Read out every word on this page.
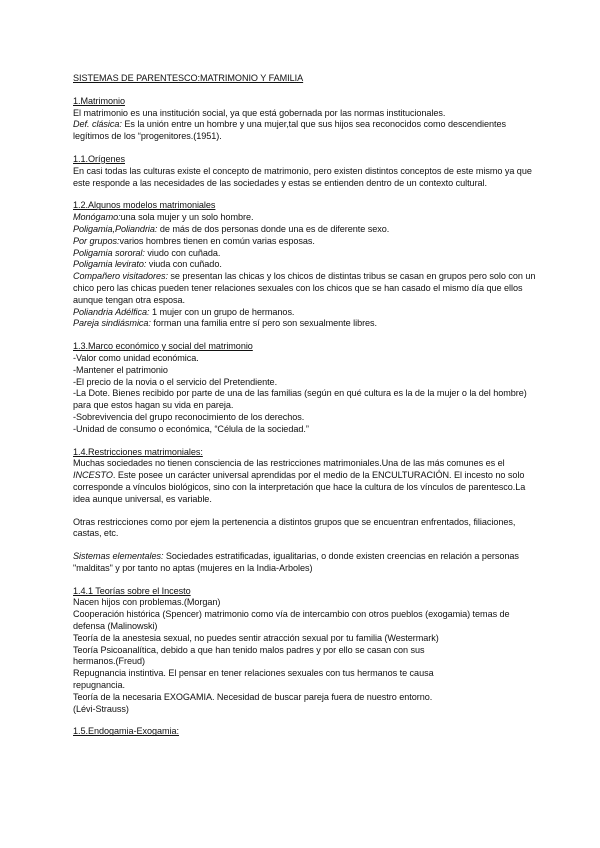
SISTEMAS DE PARENTESCO:MATRIMONIO Y FAMILIA
1.Matrimonio

El matrimonio es una institución social, ya que está gobernada por las normas institucionales.

Def. clásica: Es la unión entre un hombre y una mujer,tal que sus hijos sea reconocidos como descendientes legítimos de los “progenitores.(1951).

1.1.Orígenes

En casi todas las culturas existe el concepto de matrimonio, pero existen distintos conceptos de este mismo ya que este responde a las necesidades de las sociedades y estas se entienden dentro de un contexto cultural.

1.2.Algunos modelos matrimoniales

Monógamo:una sola mujer y un solo hombre.

Poligamia,Poliandria: de más de dos personas donde una es de diferente sexo.

Por grupos:varios hombres tienen en común varias esposas.

Poligamia sororal: viudo con cuñada.

Poligamia levirato: viuda con cuñado.

Compañero visitadores: se presentan las chicas y los chicos de distintas tribus se casan en grupos pero solo con un chico pero las chicas pueden tener relaciones sexuales con los chicos que se han casado el mismo día que ellos aunque tengan otra esposa.

Poliandria Adélfica: 1 mujer con un grupo de hermanos.

Pareja sindiásmica: forman una familia entre sí pero son sexualmente libres.

1.3.Marco económico y social del matrimonio

-Valor como unidad económica.

-Mantener el patrimonio

-El precio de la novia o el servicio del Pretendiente.

-La Dote. Bienes recibido por parte de una de las familias (según en qué cultura es la de la mujer o la del hombre) para que estos hagan su vida en pareja.

-Sobrevivencia del grupo reconocimiento de los derechos.

-Unidad de consumo o económica, “Célula de la sociedad.”

1.4.Restricciones matrimoniales:

Muchas sociedades no tienen consciencia de las restricciones matrimoniales.Una de las más comunes es el INCESTO. Este posee un carácter universal aprendidas por el medio de la ENCULTURACIÓN. El incesto no solo corresponde a vínculos biológicos, sino con la interpretación que hace la cultura de los vínculos de parentesco.La idea aunque universal, es variable.

Otras restricciones como por ejem la pertenencia a distintos grupos que se encuentran enfrentados, filiaciones, castas, etc.

Sistemas elementales: Sociedades estratificadas, igualitarias, o donde existen creencias en relación a personas "malditas" y por tanto no aptas (mujeres en la India-Arboles)

1.4.1 Teorías sobre el Incesto

Nacen hijos con problemas.(Morgan)

Cooperación histórica (Spencer) matrimonio como vía de intercambio con otros pueblos (exogamia) temas de defensa (Malinowski)

Teoría de la anestesia sexual, no puedes sentir atracción sexual por tu familia (Westermark)

Teoría Psicoanalítica, debido a que han tenido malos padres y por ello se casan con sus hermanos.(Freud)

Repugnancia instintiva. El pensar en tener relaciones sexuales con tus hermanos te causa repugnancia.

Teoría de la necesaria EXOGAMIA. Necesidad de buscar pareja fuera de nuestro entorno.(Lévi-Strauss)

1.5.Endogamia-Exogamia:
